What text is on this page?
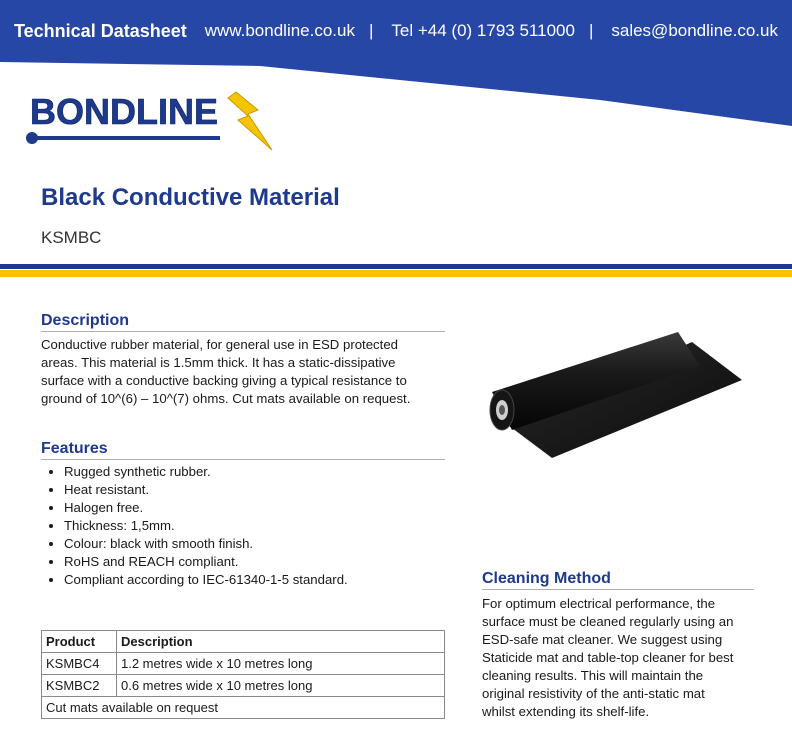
Technical Datasheet www.bondline.co.uk | Tel +44 (0) 1793 511000 | sales@bondline.co.uk
BONDLINE
Black Conductive Material
KSMBC
Description
Conductive rubber material, for general use in ESD protected
areas. This material is 1.5mm thick. It has a static-dissipative
surface with a conductive backing giving a typical resistance to
ground of 10^(6) – 10^(7) ohms. Cut mats available on request.
Features
• Rugged synthetic rubber.
• Heat resistant.
• Halogen free.
• Thickness: 1,5mm.
• Colour: black with smooth finish.
• RoHS and REACH compliant.
• Compliant according to IEC-61340-1-5 standard.
Product	Description
KSMBC4	1.2 metres wide x 10 metres long
KSMBC2	0.6 metres wide x 10 metres long
Cut mats available on request	
Cleaning Method
For optimum electrical performance, the
surface must be cleaned regularly using an
ESD-safe mat cleaner. We suggest using
Staticide mat and table-top cleaner for best
cleaning results. This will maintain the
original resistivity of the anti-static mat
whilst extending its shelf-life.
